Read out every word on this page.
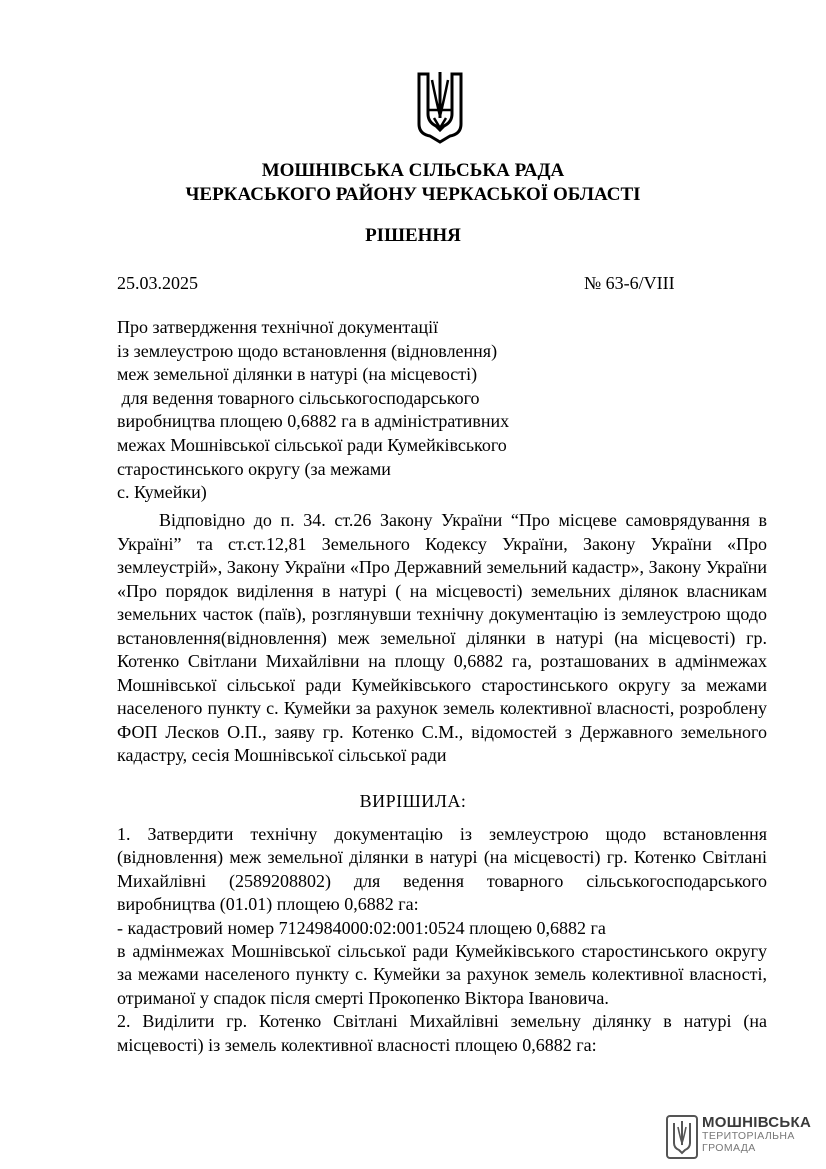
МОШНІВСЬКА СІЛЬСЬКА РАДА
ЧЕРКАСЬКОГО РАЙОНУ ЧЕРКАСЬКОЇ ОБЛАСТІ
РІШЕННЯ
25.03.2025	№ 63-6/VIII
Про затвердження технічної документації
із землеустрою щодо встановлення (відновлення)
меж земельної ділянки в натурі (на місцевості)
для ведення товарного сільськогосподарського
виробництва площею 0,6882 га в адміністративних
межах Мошнівської сільської ради Кумейківського
старостинського округу (за межами
с. Кумейки)
Відповідно до п. 34. ст.26 Закону України “Про місцеве самоврядування в Україні” та ст.ст.12,81 Земельного Кодексу України, Закону України «Про землеустрій», Закону України «Про Державний земельний кадастр», Закону України «Про порядок виділення в натурі ( на місцевості) земельних ділянок власникам земельних часток (паїв), розглянувши технічну документацію із землеустрою щодо встановлення(відновлення) меж земельної ділянки в натурі (на місцевості) гр. Котенко Світлани Михайлівни на площу 0,6882 га, розташованих в адмінмежах Мошнівської сільської ради Кумейківського старостинського округу за межами населеного пункту с. Кумейки за рахунок земель колективної власності, розроблену ФОП Лесков О.П., заяву гр. Котенко С.М., відомостей з Державного земельного кадастру, сесія Мошнівської сільської ради
ВИРІШИЛА:

1. Затвердити технічну документацію із землеустрою щодо встановлення (відновлення) меж земельної ділянки в натурі (на місцевості) гр. Котенко Світлані Михайлівні (2589208802) для ведення товарного сільськогосподарського виробництва (01.01) площею 0,6882 га:

- кадастровий номер 7124984000:02:001:0524 площею 0,6882 га

в адмінмежах Мошнівської сільської ради Кумейківського старостинського округу за межами населеного пункту с. Кумейки за рахунок земель колективної власності, отриманої у спадок після смерті Прокопенко Віктора Івановича.

2. Виділити гр. Котенко Світлані Михайлівні земельну ділянку в натурі (на місцевості) із земель колективної власності площею 0,6882 га:

МОШНІВСЬКА
ТЕРИТОРІАЛЬНА
ГРОМАДА
